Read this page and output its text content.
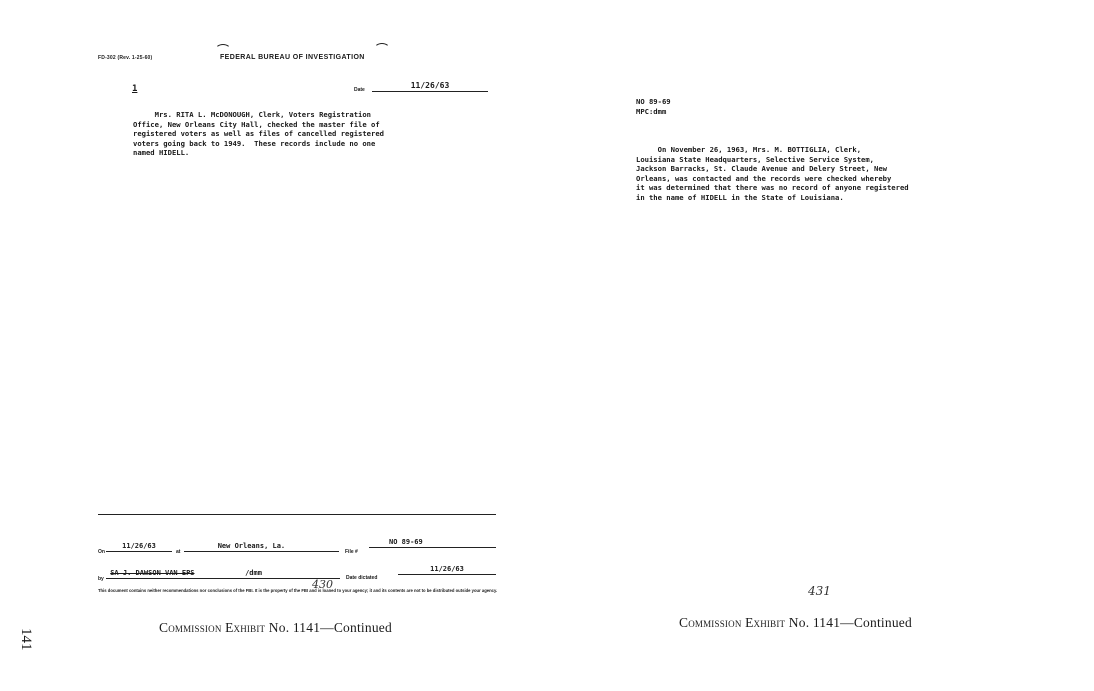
FD-302 (Rev. 1-25-60)	FEDERAL BUREAU OF INVESTIGATION
1	Date	11/26/63
Mrs. RITA L. McDONOUGH, Clerk, Voters Registration
Office, New Orleans City Hall, checked the master file of
registered voters as well as files of cancelled registered
voters going back to 1949.  These records include no one
named HIDELL.
On
11/26/63
at
New Orleans, La.
File #
NO 89-69
by
SA J. DAWSON VAN EPS	/dmm
Date dictated
11/26/63
430
This document contains neither recommendations nor conclusions of the FBI. It is the property of the FBI and is loaned to your agency; it and its contents are not to be distributed outside your agency.
Commission Exhibit No. 1141—Continued
141
NO 89-69
MPC:dmm
On November 26, 1963, Mrs. M. BOTTIGLIA, Clerk,
Louisiana State Headquarters, Selective Service System,
Jackson Barracks, St. Claude Avenue and Delery Street, New
Orleans, was contacted and the records were checked whereby
it was determined that there was no record of anyone registered
in the name of HIDELL in the State of Louisiana.
431
Commission Exhibit No. 1141—Continued
